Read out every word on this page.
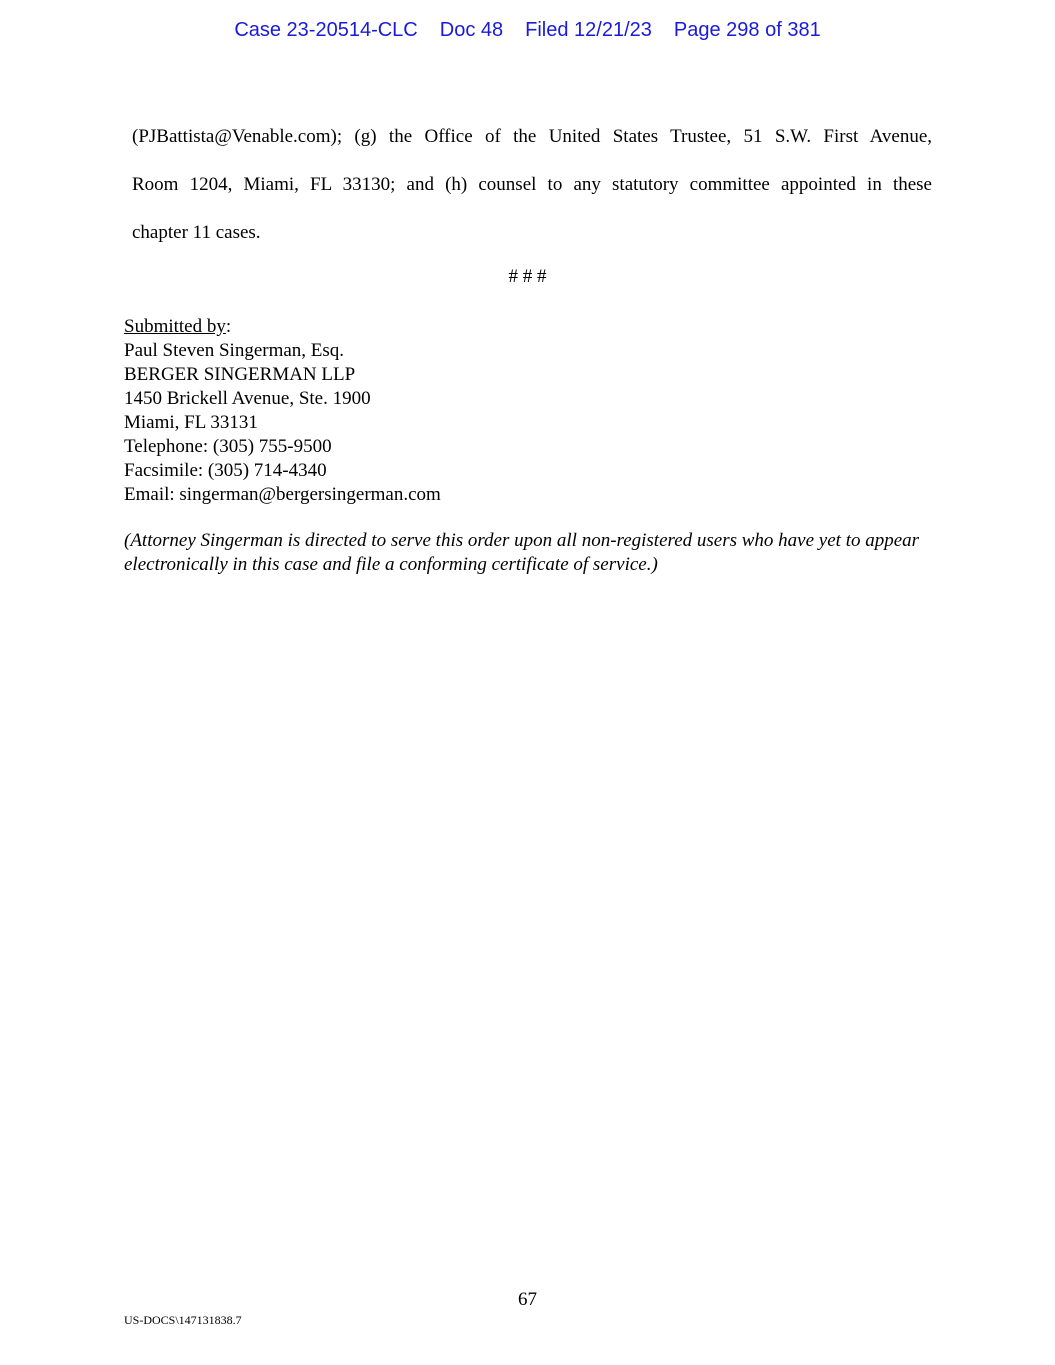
Case 23-20514-CLC Doc 48 Filed 12/21/23 Page 298 of 381
(PJBattista@Venable.com); (g) the Office of the United States Trustee, 51 S.W. First Avenue,
Room 1204, Miami, FL 33130; and (h) counsel to any statutory committee appointed in these
chapter 11 cases.
# # #
Submitted by:
Paul Steven Singerman, Esq.
BERGER SINGERMAN LLP
1450 Brickell Avenue, Ste. 1900
Miami, FL 33131
Telephone: (305) 755-9500
Facsimile: (305) 714-4340
Email: singerman@bergersingerman.com
(Attorney Singerman is directed to serve this order upon all non-registered users who have yet to appear electronically in this case and file a conforming certificate of service.)
67
US-DOCS\147131838.7
